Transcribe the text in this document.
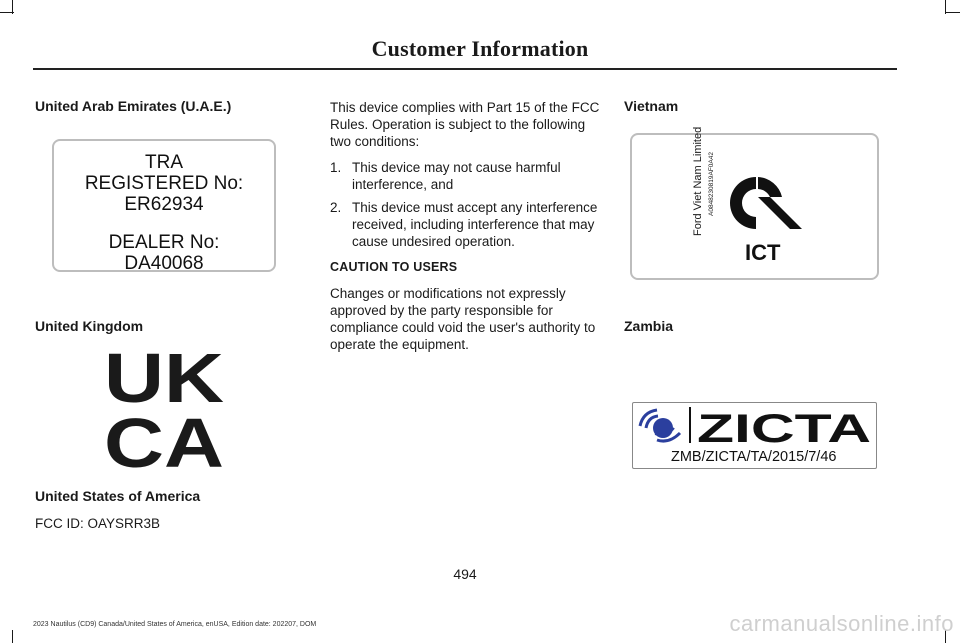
Customer Information
United Arab Emirates (U.A.E.)
TRA
REGISTERED No:
ER62934
DEALER No:
DA40068
United Kingdom
UK
CA
United States of America
FCC ID: OAYSRR3B

This device complies with Part 15 of the FCC Rules. Operation is subject to the following two conditions:

1. This device may not cause harmful interference, and
2. This device must accept any interference received, including interference that may cause undesired operation.

CAUTION TO USERS

Changes or modifications not expressly approved by the party responsible for compliance could void the user's authority to operate the equipment.

Vietnam
Ford Viet Nam Limited A0848230819AF0A42
ICT
Zambia
ZICTA
ZMB/ZICTA/TA/2015/7/46
494
2023 Nautilus (CD9) Canada/United States of America, enUSA, Edition date: 202207, DOM	carmanualsonline.info
